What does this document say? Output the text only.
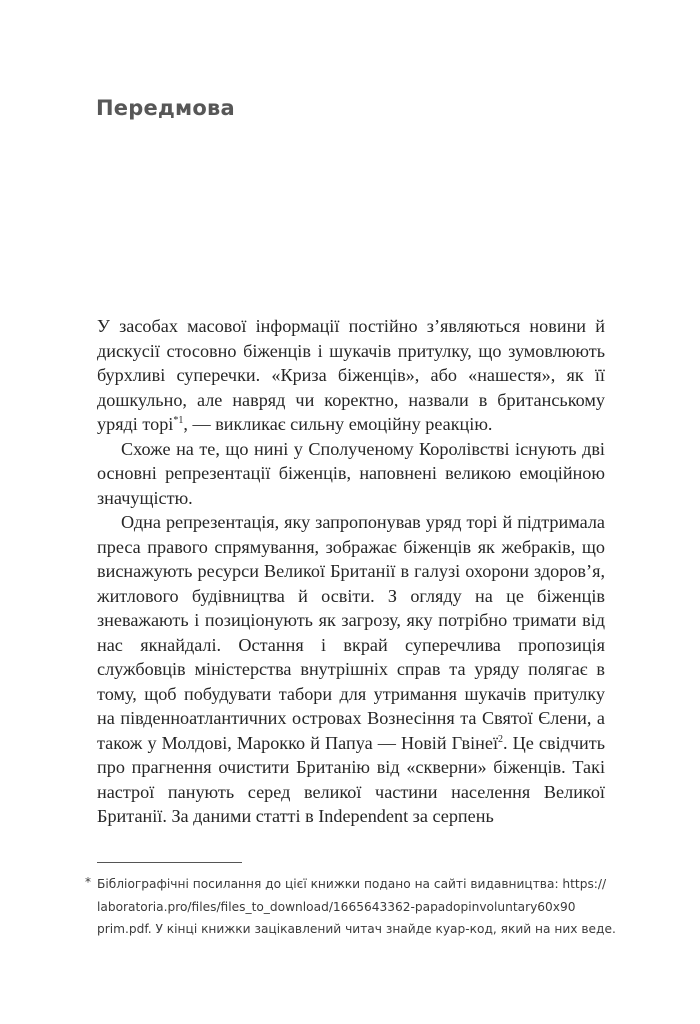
Передмова

У засобах масової інформації постійно з’являються новини й дискусії стосовно біженців і шукачів притулку, що зумовлюють бурхливі суперечки. «Криза біженців», або «нашестя», як її дошкульно, але навряд чи коректно, назвали в британському уряді торі$^{*1}$, — викликає сильну емоційну реакцію.

Схоже на те, що нині у Сполученому Королівстві існують дві основні репрезентації біженців, наповнені великою емоційною значущістю.

Одна репрезентація, яку запропонував уряд торі й підтримала преса правого спрямування, зображає біженців як жебраків, що виснажують ресурси Великої Британії в галузі охорони здоров’я, житлового будівництва й освіти. З огляду на це біженців зневажають і позиціонують як загрозу, яку потрібно тримати від нас якнайдалі. Остання і вкрай суперечлива пропозиція службовців міністерства внутрішніх справ та уряду полягає в тому, щоб побудувати табори для утримання шукачів притулку на південноатлантичних островах Вознесіння та Святої Єлени, а також у Молдові, Марокко й Папуа — Новій Гвінеї$^2$. Це свідчить про прагнення очистити Британію від «скверни» біженців. Такі настрої панують серед великої частини населення Великої Британії. За даними статті в Independent за серпень

* Бібліографічні посилання до цієї книжки подано на сайті видавництва: https:// laboratoria.pro/files/files_to_download/1665643362-papadopinvoluntary60x90 prim.pdf. У кінці книжки зацікавлений читач знайде куар-код, який на них веде.
